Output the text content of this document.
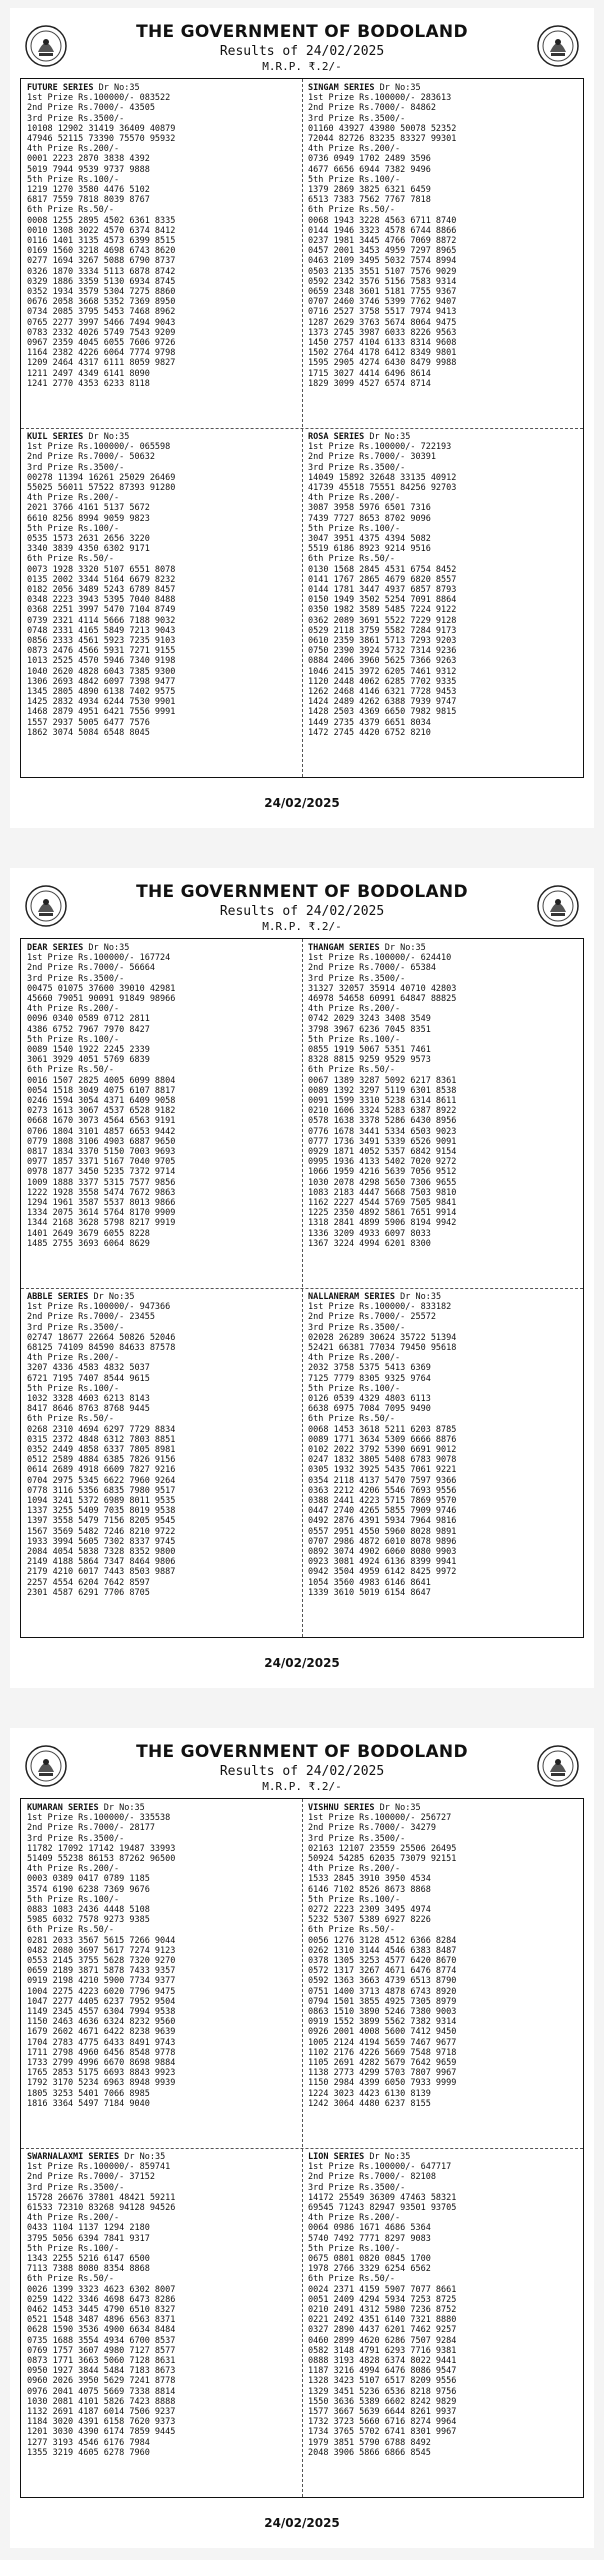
THE GOVERNMENT OF BODOLAND
Results of 24/02/2025
M.R.P. ₹.2/-
FUTURE SERIES Dr No:35
1st Prize Rs.100000/- 083522
2nd Prize Rs.7000/- 43505
3rd Prize Rs.3500/-
10108 12902 31419 36409 40879
47946 52115 73390 75570 95932
4th Prize Rs.200/-
0001 2223 2870 3838 4392
5019 7944 9539 9737 9888
5th Prize Rs.100/-
1219 1270 3580 4476 5102
6817 7559 7818 8039 8767
6th Prize Rs.50/-
0008 1255 2895 4502 6361 8335
0010 1308 3022 4570 6374 8412
0116 1401 3135 4573 6399 8515
0169 1560 3218 4698 6743 8620
0277 1694 3267 5088 6790 8737
0326 1870 3334 5113 6878 8742
0329 1886 3359 5130 6934 8745
0352 1934 3579 5304 7275 8860
0676 2058 3668 5352 7369 8950
0734 2085 3795 5453 7468 8962
0765 2277 3997 5466 7494 9043
0783 2332 4026 5749 7543 9209
0967 2359 4045 6055 7606 9726
1164 2382 4226 6064 7774 9798
1209 2464 4317 6111 8059 9827
1211 2497 4349 6141 8090
1241 2770 4353 6233 8118
SINGAM SERIES Dr No:35
1st Prize Rs.100000/- 283613
2nd Prize Rs.7000/- 84862
3rd Prize Rs.3500/-
01160 43927 43980 50078 52352
72044 82726 83235 83327 99301
4th Prize Rs.200/-
0736 0949 1702 2489 3596
4677 6656 6944 7382 9496
5th Prize Rs.100/-
1379 2869 3825 6321 6459
6513 7383 7562 7767 7818
6th Prize Rs.50/-
0068 1943 3228 4563 6711 8740
0144 1946 3323 4578 6744 8866
0237 1981 3445 4766 7069 8872
0457 2001 3453 4959 7297 8965
0463 2109 3495 5032 7574 8994
0503 2135 3551 5107 7576 9029
0592 2342 3576 5156 7583 9314
0659 2348 3601 5181 7755 9367
0707 2460 3746 5399 7762 9407
0716 2527 3758 5517 7974 9413
1287 2629 3763 5674 8064 9475
1373 2745 3987 6033 8226 9563
1450 2757 4104 6133 8314 9608
1502 2764 4178 6412 8349 9801
1595 2905 4274 6430 8479 9988
1715 3027 4414 6496 8614
1829 3099 4527 6574 8714
KUIL SERIES Dr No:35
1st Prize Rs.100000/- 065598
2nd Prize Rs.7000/- 50632
3rd Prize Rs.3500/-
00278 11394 16261 25029 26469
55025 56011 57522 87393 91280
4th Prize Rs.200/-
2021 3766 4161 5137 5672
6610 8256 8994 9059 9823
5th Prize Rs.100/-
0535 1573 2631 2656 3220
3340 3839 4350 6302 9171
6th Prize Rs.50/-
0073 1928 3320 5107 6551 8078
0135 2002 3344 5164 6679 8232
0182 2056 3489 5243 6789 8457
0348 2223 3943 5395 7040 8488
0368 2251 3997 5470 7104 8749
0739 2321 4114 5666 7188 9032
0748 2331 4165 5849 7213 9043
0856 2333 4561 5923 7235 9103
0873 2476 4566 5931 7271 9155
1013 2525 4570 5946 7340 9198
1040 2620 4828 6043 7385 9300
1306 2693 4842 6097 7398 9477
1345 2805 4890 6138 7402 9575
1425 2832 4934 6244 7530 9901
1468 2879 4951 6421 7556 9991
1557 2937 5005 6477 7576
1862 3074 5084 6548 8045
ROSA SERIES Dr No:35
1st Prize Rs.100000/- 722193
2nd Prize Rs.7000/- 30391
3rd Prize Rs.3500/-
14049 15892 32648 33135 40912
41739 45518 75551 84256 92703
4th Prize Rs.200/-
3087 3958 5976 6501 7316
7439 7727 8653 8702 9096
5th Prize Rs.100/-
3047 3951 4375 4394 5082
5519 6186 8923 9214 9516
6th Prize Rs.50/-
0130 1568 2845 4531 6754 8452
0141 1767 2865 4679 6820 8557
0144 1781 3447 4937 6857 8793
0150 1949 3502 5254 7091 8864
0350 1982 3589 5485 7224 9122
0362 2089 3691 5522 7229 9128
0529 2118 3759 5582 7284 9173
0610 2359 3861 5713 7293 9203
0750 2390 3924 5732 7314 9236
0884 2406 3960 5625 7366 9263
1046 2415 3972 6205 7461 9312
1120 2448 4062 6285 7702 9335
1262 2468 4146 6321 7728 9453
1424 2489 4262 6388 7939 9747
1428 2503 4369 6650 7982 9815
1449 2735 4379 6651 8034
1472 2745 4420 6752 8210
24/02/2025
THE GOVERNMENT OF BODOLAND
Results of 24/02/2025
M.R.P. ₹.2/-
DEAR SERIES Dr No:35
1st Prize Rs.100000/- 167724
2nd Prize Rs.7000/- 56664
3rd Prize Rs.3500/-
00475 01075 37600 39010 42981
45660 79051 90091 91849 98966
4th Prize Rs.200/-
0096 0340 0589 0712 2811
4386 6752 7967 7970 8427
5th Prize Rs.100/-
0089 1540 1922 2245 2339
3061 3929 4051 5769 6839
6th Prize Rs.50/-
0016 1507 2825 4005 6099 8804
0054 1518 3049 4075 6107 8817
0246 1594 3054 4371 6409 9058
0273 1613 3067 4537 6528 9182
0668 1670 3073 4564 6563 9191
0706 1804 3101 4857 6653 9442
0779 1808 3106 4903 6887 9650
0817 1834 3370 5150 7003 9693
0977 1857 3371 5167 7040 9705
0978 1877 3450 5235 7372 9714
1009 1888 3377 5315 7577 9856
1222 1928 3558 5474 7672 9863
1294 1961 3587 5537 8013 9866
1334 2075 3614 5764 8170 9909
1344 2168 3628 5798 8217 9919
1401 2649 3679 6055 8228
1485 2755 3693 6064 8629
THANGAM SERIES Dr No:35
1st Prize Rs.100000/- 624410
2nd Prize Rs.7000/- 65384
3rd Prize Rs.3500/-
31327 32057 35914 40710 42803
46978 54658 60991 64847 88825
4th Prize Rs.200/-
0742 2029 3243 3408 3549
3798 3967 6236 7045 8351
5th Prize Rs.100/-
0855 1919 5067 5351 7461
8328 8815 9259 9529 9573
6th Prize Rs.50/-
0067 1389 3287 5092 6217 8361
0089 1392 3297 5119 6301 8538
0091 1599 3310 5238 6314 8611
0210 1606 3324 5283 6387 8922
0578 1638 3378 5286 6430 8956
0776 1678 3441 5334 6503 9023
0777 1736 3491 5339 6526 9091
0929 1871 4052 5357 6842 9154
0995 1936 4133 5402 7020 9272
1066 1959 4216 5639 7056 9512
1030 2078 4298 5650 7306 9655
1083 2183 4447 5668 7503 9810
1162 2227 4544 5769 7505 9841
1225 2350 4892 5861 7651 9914
1318 2841 4899 5906 8194 9942
1336 3209 4933 6097 8033
1367 3224 4994 6201 8300
ABBLE SERIES Dr No:35
1st Prize Rs.100000/- 947366
2nd Prize Rs.7000/- 23455
3rd Prize Rs.3500/-
02747 18677 22664 50826 52046
68125 74109 84590 84633 87578
4th Prize Rs.200/-
3207 4336 4583 4832 5037
6721 7195 7407 8544 9615
5th Prize Rs.100/-
1032 3328 4603 6213 8143
8417 8646 8763 8768 9445
6th Prize Rs.50/-
0268 2310 4694 6297 7729 8834
0315 2372 4848 6312 7803 8851
0352 2449 4858 6337 7805 8981
0512 2589 4884 6385 7826 9156
0614 2689 4918 6609 7827 9216
0704 2975 5345 6622 7960 9264
0778 3116 5356 6835 7980 9517
1094 3241 5372 6989 8011 9535
1337 3255 5409 7035 8019 9538
1397 3558 5479 7156 8205 9545
1567 3569 5482 7246 8210 9722
1933 3994 5605 7302 8337 9745
2084 4054 5838 7328 8352 9800
2149 4188 5864 7347 8464 9806
2179 4210 6017 7443 8503 9887
2257 4554 6204 7642 8597
2301 4587 6291 7706 8705
NALLANERAM SERIES Dr No:35
1st Prize Rs.100000/- 833182
2nd Prize Rs.7000/- 25572
3rd Prize Rs.3500/-
02028 26289 30624 35722 51394
52421 66381 77034 79450 95618
4th Prize Rs.200/-
2032 3758 5375 5413 6369
7125 7779 8305 9325 9764
5th Prize Rs.100/-
0126 0539 4329 4803 6113
6638 6975 7084 7095 9490
6th Prize Rs.50/-
0068 1453 3618 5211 6203 8785
0089 1771 3634 5309 6666 8876
0102 2022 3792 5390 6691 9012
0247 1832 3805 5408 6783 9078
0305 1932 3925 5435 7061 9221
0354 2118 4137 5470 7597 9366
0363 2212 4206 5546 7693 9556
0388 2441 4223 5715 7869 9570
0447 2740 4265 5855 7909 9746
0492 2876 4391 5934 7964 9816
0557 2951 4550 5960 8028 9891
0707 2986 4872 6010 8078 9896
0892 3074 4902 6060 8080 9903
0923 3081 4924 6136 8399 9941
0942 3504 4959 6142 8425 9972
1054 3560 4983 6146 8641
1339 3610 5019 6154 8647
24/02/2025
THE GOVERNMENT OF BODOLAND
Results of 24/02/2025
M.R.P. ₹.2/-
KUMARAN SERIES Dr No:35
1st Prize Rs.100000/- 335538
2nd Prize Rs.7000/- 28177
3rd Prize Rs.3500/-
11782 17092 17142 19487 33993
51409 55238 86153 87262 96500
4th Prize Rs.200/-
0003 0389 0417 0789 1185
3574 6190 6238 7369 9676
5th Prize Rs.100/-
0883 1083 2436 4448 5108
5985 6032 7578 9273 9385
6th Prize Rs.50/-
0281 2033 3567 5615 7266 9044
0482 2080 3697 5617 7274 9123
0553 2145 3755 5628 7320 9270
0659 2189 3871 5878 7433 9357
0919 2198 4210 5900 7734 9377
1004 2275 4223 6020 7796 9475
1047 2277 4405 6237 7952 9504
1149 2345 4557 6304 7994 9538
1150 2463 4636 6324 8232 9560
1679 2602 4671 6422 8238 9639
1704 2783 4775 6433 8491 9743
1711 2798 4960 6456 8548 9778
1733 2799 4996 6670 8698 9884
1765 2853 5175 6693 8843 9923
1792 3170 5234 6963 8948 9939
1805 3253 5401 7066 8985
1816 3364 5497 7184 9040
VISHNU SERIES Dr No:35
1st Prize Rs.100000/- 256727
2nd Prize Rs.7000/- 34279
3rd Prize Rs.3500/-
02163 12107 23559 25506 26495
50924 54285 62035 73079 92151
4th Prize Rs.200/-
1533 2845 3910 3950 4534
6146 7102 8526 8673 8868
5th Prize Rs.100/-
0272 2223 2309 3495 4974
5232 5307 5389 6927 8226
6th Prize Rs.50/-
0056 1276 3128 4512 6366 8284
0262 1310 3144 4546 6383 8487
0378 1305 3253 4577 6420 8670
0572 1317 3267 4671 6476 8774
0592 1363 3663 4739 6513 8790
0751 1400 3713 4878 6743 8920
0794 1501 3855 4925 7305 8979
0863 1510 3890 5246 7380 9003
0919 1552 3899 5562 7382 9314
0926 2001 4008 5600 7412 9450
1005 2124 4194 5659 7467 9677
1102 2176 4226 5669 7548 9718
1105 2691 4282 5679 7642 9659
1138 2773 4299 5703 7807 9967
1150 2984 4399 6050 7933 9999
1224 3023 4423 6130 8139
1242 3064 4480 6237 8155
SWARNALAXMI SERIES Dr No:35
1st Prize Rs.100000/- 859741
2nd Prize Rs.7000/- 37152
3rd Prize Rs.3500/-
15728 26676 37801 48421 59211
61533 72310 83268 94128 94526
4th Prize Rs.200/-
0433 1104 1137 1294 2180
3795 5056 6394 7841 9317
5th Prize Rs.100/-
1343 2255 5216 6147 6500
7113 7388 8080 8354 8868
6th Prize Rs.50/-
0026 1399 3323 4623 6302 8007
0259 1422 3346 4698 6473 8286
0462 1453 3445 4790 6510 8327
0521 1548 3487 4896 6563 8371
0628 1590 3536 4900 6634 8484
0735 1688 3554 4934 6700 8537
0769 1757 3607 4980 7127 8577
0873 1771 3663 5060 7128 8631
0950 1927 3844 5484 7183 8673
0960 2026 3950 5629 7241 8778
0976 2041 4075 5669 7338 8814
1030 2081 4101 5826 7423 8888
1132 2691 4187 6014 7506 9237
1184 3020 4391 6158 7620 9373
1201 3030 4390 6174 7859 9445
1277 3193 4546 6176 7984
1355 3219 4605 6278 7960
LION SERIES Dr No:35
1st Prize Rs.100000/- 647717
2nd Prize Rs.7000/- 82108
3rd Prize Rs.3500/-
14172 25549 36309 47463 58321
69545 71243 82947 93501 93705
4th Prize Rs.200/-
0064 0986 1671 4686 5364
5740 7492 7771 8297 9083
5th Prize Rs.100/-
0675 0801 0820 0845 1700
1978 2766 3329 6254 6562
6th Prize Rs.50/-
0024 2371 4159 5907 7077 8661
0051 2409 4294 5934 7253 8725
0210 2491 4312 5980 7236 8752
0221 2492 4351 6140 7321 8880
0327 2890 4437 6201 7462 9257
0460 2899 4620 6286 7507 9284
0582 3148 4791 6293 7716 9381
0888 3193 4828 6374 8022 9441
1187 3216 4994 6476 8086 9547
1328 3423 5107 6517 8209 9556
1329 3451 5236 6536 8218 9756
1550 3636 5389 6602 8242 9829
1577 3667 5639 6644 8261 9937
1732 3723 5660 6716 8274 9964
1734 3765 5702 6741 8301 9967
1979 3851 5790 6788 8492
2048 3906 5866 6866 8545
24/02/2025
